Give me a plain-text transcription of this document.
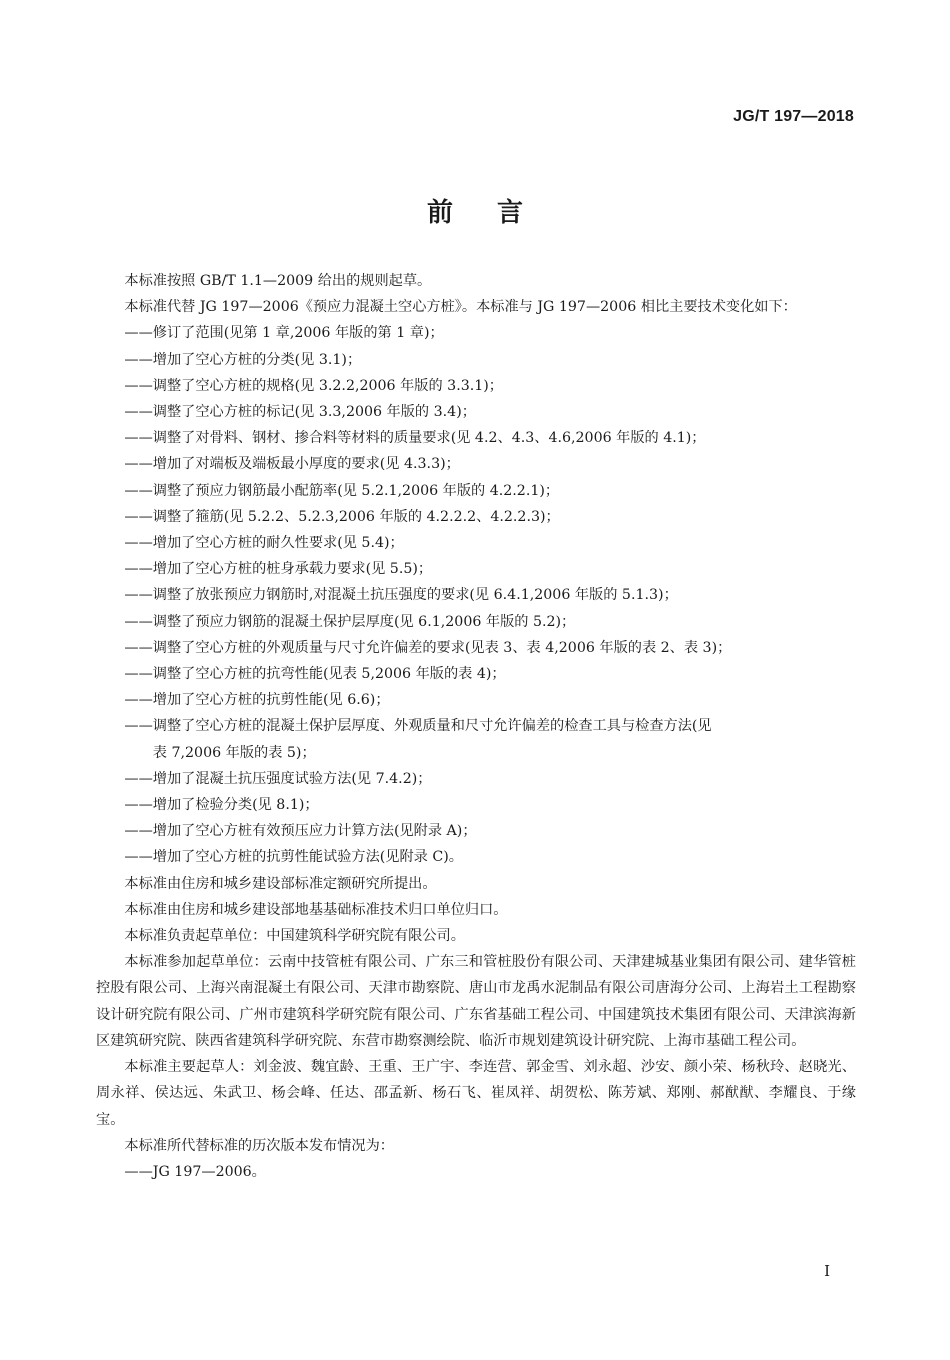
JG/T 197—2018
前言

本标准按照 GB/T 1.1—2009 给出的规则起草。

本标准代替 JG 197—2006《预应力混凝土空心方桩》。本标准与 JG 197—2006 相比主要技术变化如下：

——修订了范围(见第 1 章,2006 年版的第 1 章)；

——增加了空心方桩的分类(见 3.1)；

——调整了空心方桩的规格(见 3.2.2,2006 年版的 3.3.1)；

——调整了空心方桩的标记(见 3.3,2006 年版的 3.4)；

——调整了对骨料、钢材、掺合料等材料的质量要求(见 4.2、4.3、4.6,2006 年版的 4.1)；

——增加了对端板及端板最小厚度的要求(见 4.3.3)；

——调整了预应力钢筋最小配筋率(见 5.2.1,2006 年版的 4.2.2.1)；

——调整了箍筋(见 5.2.2、5.2.3,2006 年版的 4.2.2.2、4.2.2.3)；

——增加了空心方桩的耐久性要求(见 5.4)；

——增加了空心方桩的桩身承载力要求(见 5.5)；

——调整了放张预应力钢筋时,对混凝土抗压强度的要求(见 6.4.1,2006 年版的 5.1.3)；

——调整了预应力钢筋的混凝土保护层厚度(见 6.1,2006 年版的 5.2)；

——调整了空心方桩的外观质量与尺寸允许偏差的要求(见表 3、表 4,2006 年版的表 2、表 3)；

——调整了空心方桩的抗弯性能(见表 5,2006 年版的表 4)；

——增加了空心方桩的抗剪性能(见 6.6)；

——调整了空心方桩的混凝土保护层厚度、外观质量和尺寸允许偏差的检查工具与检查方法(见
表 7,2006 年版的表 5)；

——增加了混凝土抗压强度试验方法(见 7.4.2)；

——增加了检验分类(见 8.1)；

——增加了空心方桩有效预压应力计算方法(见附录 A)；

——增加了空心方桩的抗剪性能试验方法(见附录 C)。

本标准由住房和城乡建设部标准定额研究所提出。

本标准由住房和城乡建设部地基基础标准技术归口单位归口。

本标准负责起草单位：中国建筑科学研究院有限公司。

本标准参加起草单位：云南中技管桩有限公司、广东三和管桩股份有限公司、天津建城基业集团有限公司、建华管桩控股有限公司、上海兴南混凝土有限公司、天津市勘察院、唐山市龙禹水泥制品有限公司唐海分公司、上海岩土工程勘察设计研究院有限公司、广州市建筑科学研究院有限公司、广东省基础工程公司、中国建筑技术集团有限公司、天津滨海新区建筑研究院、陕西省建筑科学研究院、东营市勘察测绘院、临沂市规划建筑设计研究院、上海市基础工程公司。

本标准主要起草人：刘金波、魏宜龄、王重、王广宇、李连营、郭金雪、刘永超、沙安、颜小荣、杨秋玲、赵晓光、周永祥、侯达远、朱武卫、杨会峰、任达、邵孟新、杨石飞、崔凤祥、胡贺松、陈芳斌、郑刚、郝猷猷、李耀良、于缘宝。

本标准所代替标准的历次版本发布情况为：

——JG 197—2006。

I
